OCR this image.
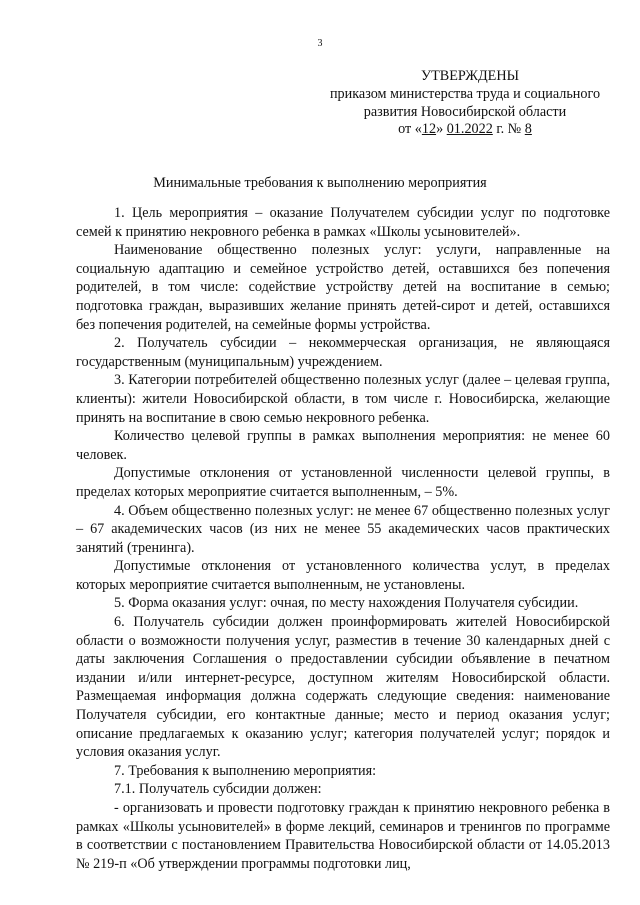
3
УТВЕРЖДЕНЫ
приказом министерства труда и социального
развития Новосибирской области
от «12» 01.2022 г. № 8
Минимальные требования к выполнению мероприятия

1. Цель мероприятия – оказание Получателем субсидии услуг по подготовке семей к принятию некровного ребенка в рамках «Школы усыновителей».

Наименование общественно полезных услуг: услуги, направленные на социальную адаптацию и семейное устройство детей, оставшихся без попечения родителей, в том числе: содействие устройству детей на воспитание в семью; подготовка граждан, выразивших желание принять детей-сирот и детей, оставшихся без попечения родителей, на семейные формы устройства.

2. Получатель субсидии – некоммерческая организация, не являющаяся государственным (муниципальным) учреждением.

3. Категории потребителей общественно полезных услуг (далее – целевая группа, клиенты): жители Новосибирской области, в том числе г. Новосибирска, желающие принять на воспитание в свою семью некровного ребенка.

Количество целевой группы в рамках выполнения мероприятия: не менее 60 человек.

Допустимые отклонения от установленной численности целевой группы, в пределах которых мероприятие считается выполненным, – 5%.

4. Объем общественно полезных услуг: не менее 67 общественно полезных услуг – 67 академических часов (из них не менее 55 академических часов практических занятий (тренинга).

Допустимые отклонения от установленного количества услут, в пределах которых мероприятие считается выполненным, не установлены.

5. Форма оказания услуг: очная, по месту нахождения Получателя субсидии.

6. Получатель субсидии должен проинформировать жителей Новосибирской области о возможности получения услуг, разместив в течение 30 календарных дней с даты заключения Соглашения о предоставлении субсидии объявление в печатном издании и/или интернет-ресурсе, доступном жителям Новосибирской области. Размещаемая информация должна содержать следующие сведения: наименование Получателя субсидии, его контактные данные; место и период оказания услуг; описание предлагаемых к оказанию услуг; категория получателей услуг; порядок и условия оказания услуг.

7. Требования к выполнению мероприятия:

7.1. Получатель субсидии должен:

- организовать и провести подготовку граждан к принятию некровного ребенка в рамках «Школы усыновителей» в форме лекций, семинаров и тренингов по программе в соответствии с постановлением Правительства Новосибирской области от 14.05.2013 № 219-п «Об утверждении программы подготовки лиц,
